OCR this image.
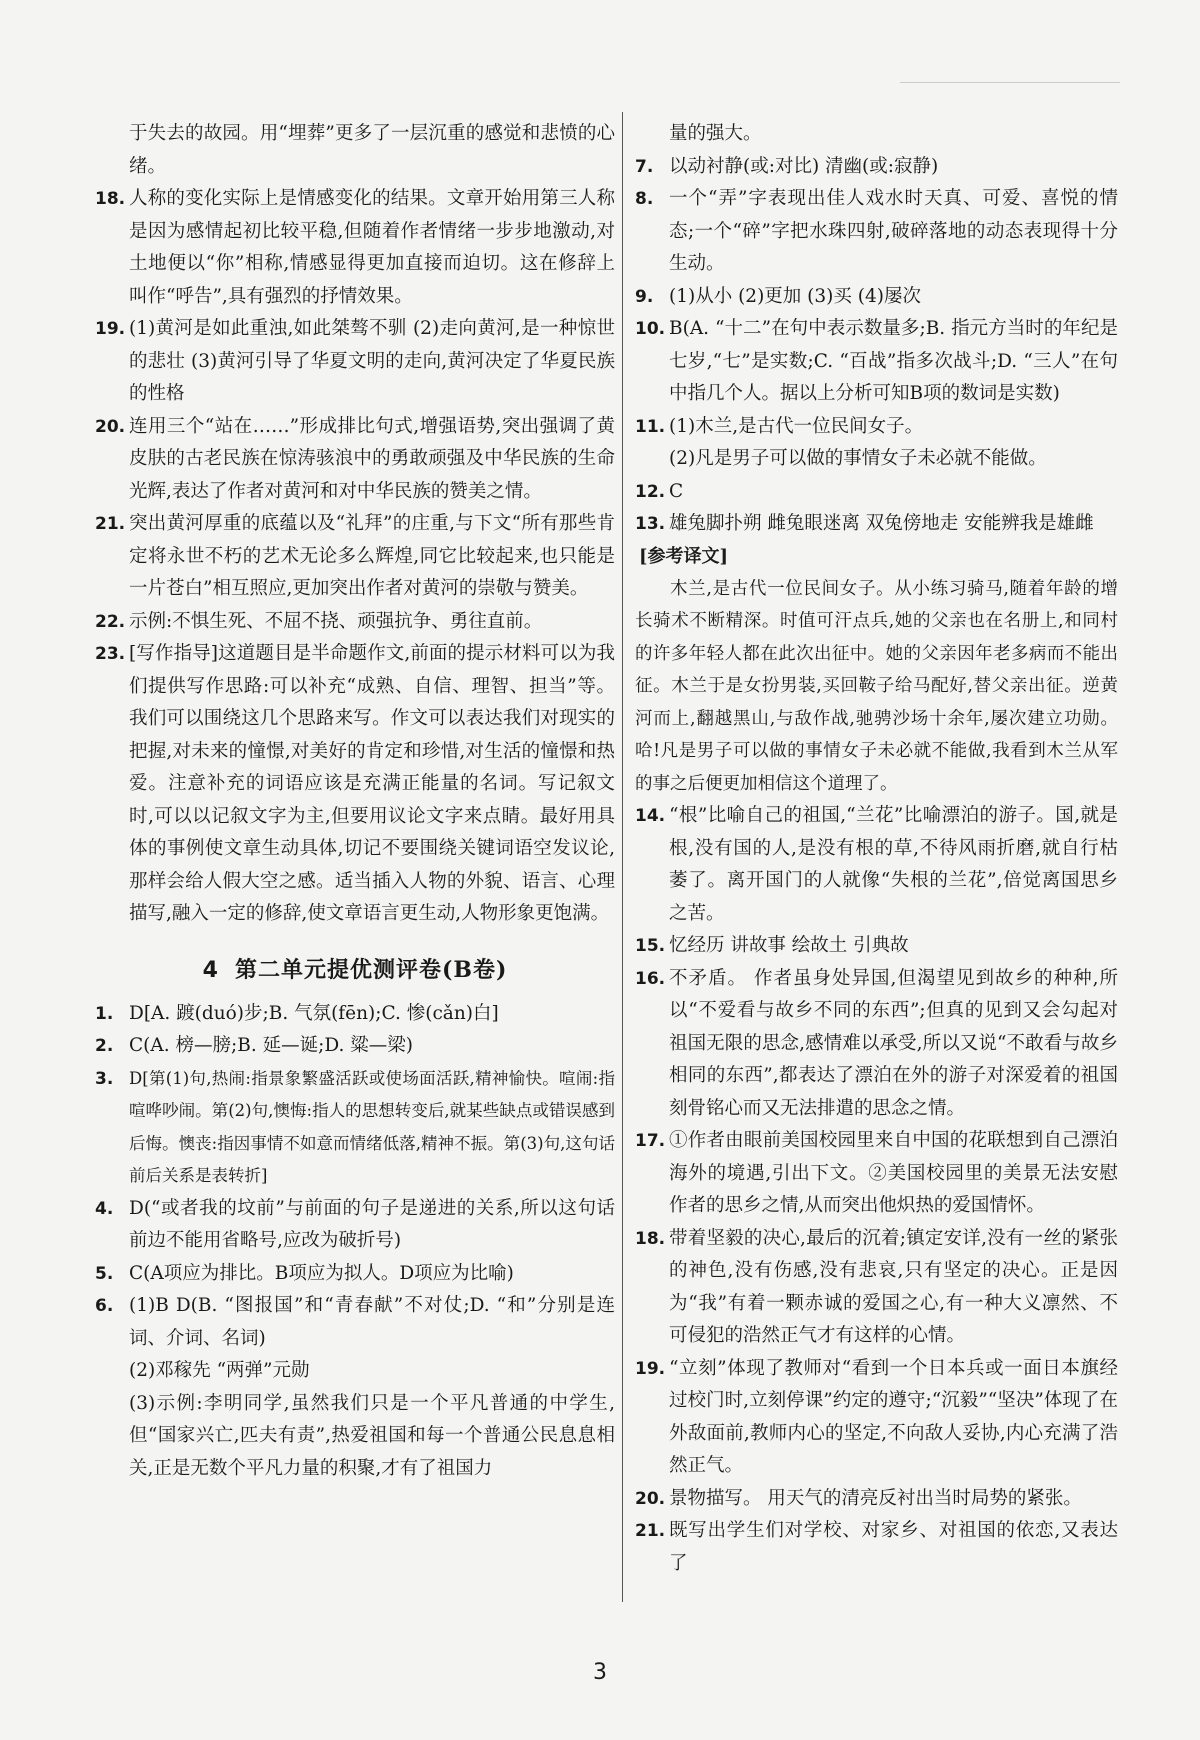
于失去的故园。用“埋葬”更多了一层沉重的感觉和悲愤的心绪。
18. 人称的变化实际上是情感变化的结果。文章开始用第三人称是因为感情起初比较平稳,但随着作者情绪一步步地激动,对土地便以“你”相称,情感显得更加直接而迫切。这在修辞上叫作“呼告”,具有强烈的抒情效果。
19. (1)黄河是如此重浊,如此桀骜不驯 (2)走向黄河,是一种惊世的悲壮 (3)黄河引导了华夏文明的走向,黄河决定了华夏民族的性格
20. 连用三个“站在……”形成排比句式,增强语势,突出强调了黄皮肤的古老民族在惊涛骇浪中的勇敢顽强及中华民族的生命光辉,表达了作者对黄河和对中华民族的赞美之情。
21. 突出黄河厚重的底蕴以及“礼拜”的庄重,与下文“所有那些肯定将永世不朽的艺术无论多么辉煌,同它比较起来,也只能是一片苍白”相互照应,更加突出作者对黄河的崇敬与赞美。
22. 示例:不惧生死、不屈不挠、顽强抗争、勇往直前。
23. [写作指导]这道题目是半命题作文,前面的提示材料可以为我们提供写作思路:可以补充“成熟、自信、理智、担当”等。我们可以围绕这几个思路来写。作文可以表达我们对现实的把握,对未来的憧憬,对美好的肯定和珍惜,对生活的憧憬和热爱。注意补充的词语应该是充满正能量的名词。写记叙文时,可以以记叙文字为主,但要用议论文字来点睛。最好用具体的事例使文章生动具体,切记不要围绕关键词语空发议论,那样会给人假大空之感。适当插入人物的外貌、语言、心理描写,融入一定的修辞,使文章语言更生动,人物形象更饱满。
4 第二单元提优测评卷(B卷)
1. D[A. 踱(duó)步;B. 气氛(fēn);C. 惨(cǎn)白]
2. C(A. 榜—膀;B. 延—诞;D. 粱—梁)
3. D[第(1)句,热闹:指景象繁盛活跃或使场面活跃,精神愉快。喧闹:指喧哗吵闹。第(2)句,懊悔:指人的思想转变后,就某些缺点或错误感到后悔。懊丧:指因事情不如意而情绪低落,精神不振。第(3)句,这句话前后关系是表转折]
4. D(“或者我的坟前”与前面的句子是递进的关系,所以这句话前边不能用省略号,应改为破折号)
5. C(A项应为排比。B项应为拟人。D项应为比喻)
6. (1)B D(B. “图报国”和“青春献”不对仗;D. “和”分别是连词、介词、名词)
(2)邓稼先 “两弹”元勋
(3)示例:李明同学,虽然我们只是一个平凡普通的中学生,但“国家兴亡,匹夫有责”,热爱祖国和每一个普通公民息息相关,正是无数个平凡力量的积聚,才有了祖国力
量的强大。
7. 以动衬静(或:对比) 清幽(或:寂静)
8. 一个“弄”字表现出佳人戏水时天真、可爱、喜悦的情态;一个“碎”字把水珠四射,破碎落地的动态表现得十分生动。
9. (1)从小 (2)更加 (3)买 (4)屡次
10. B(A. “十二”在句中表示数量多;B. 指元方当时的年纪是七岁,“七”是实数;C. “百战”指多次战斗;D. “三人”在句中指几个人。据以上分析可知B项的数词是实数)
11. (1)木兰,是古代一位民间女子。
(2)凡是男子可以做的事情女子未必就不能做。
12. C
13. 雄兔脚扑朔 雌兔眼迷离 双兔傍地走 安能辨我是雄雌
[参考译文]
木兰,是古代一位民间女子。从小练习骑马,随着年龄的增长骑术不断精深。时值可汗点兵,她的父亲也在名册上,和同村的许多年轻人都在此次出征中。她的父亲因年老多病而不能出征。木兰于是女扮男装,买回鞍子给马配好,替父亲出征。逆黄河而上,翻越黑山,与敌作战,驰骋沙场十余年,屡次建立功勋。哈!凡是男子可以做的事情女子未必就不能做,我看到木兰从军的事之后便更加相信这个道理了。
14. “根”比喻自己的祖国,“兰花”比喻漂泊的游子。国,就是根,没有国的人,是没有根的草,不待风雨折磨,就自行枯萎了。离开国门的人就像“失根的兰花”,倍觉离国思乡之苦。
15. 忆经历 讲故事 绘故土 引典故
16. 不矛盾。 作者虽身处异国,但渴望见到故乡的种种,所以“不爱看与故乡不同的东西”;但真的见到又会勾起对祖国无限的思念,感情难以承受,所以又说“不敢看与故乡相同的东西”,都表达了漂泊在外的游子对深爱着的祖国刻骨铭心而又无法排遣的思念之情。
17. ①作者由眼前美国校园里来自中国的花联想到自己漂泊海外的境遇,引出下文。②美国校园里的美景无法安慰作者的思乡之情,从而突出他炽热的爱国情怀。
18. 带着坚毅的决心,最后的沉着;镇定安详,没有一丝的紧张的神色,没有伤感,没有悲哀,只有坚定的决心。正是因为“我”有着一颗赤诚的爱国之心,有一种大义凛然、不可侵犯的浩然正气才有这样的心情。
19. “立刻”体现了教师对“看到一个日本兵或一面日本旗经过校门时,立刻停课”约定的遵守;“沉毅”“坚决”体现了在外敌面前,教师内心的坚定,不向敌人妥协,内心充满了浩然正气。
20. 景物描写。 用天气的清亮反衬出当时局势的紧张。
21. 既写出学生们对学校、对家乡、对祖国的依恋,又表达了
3
